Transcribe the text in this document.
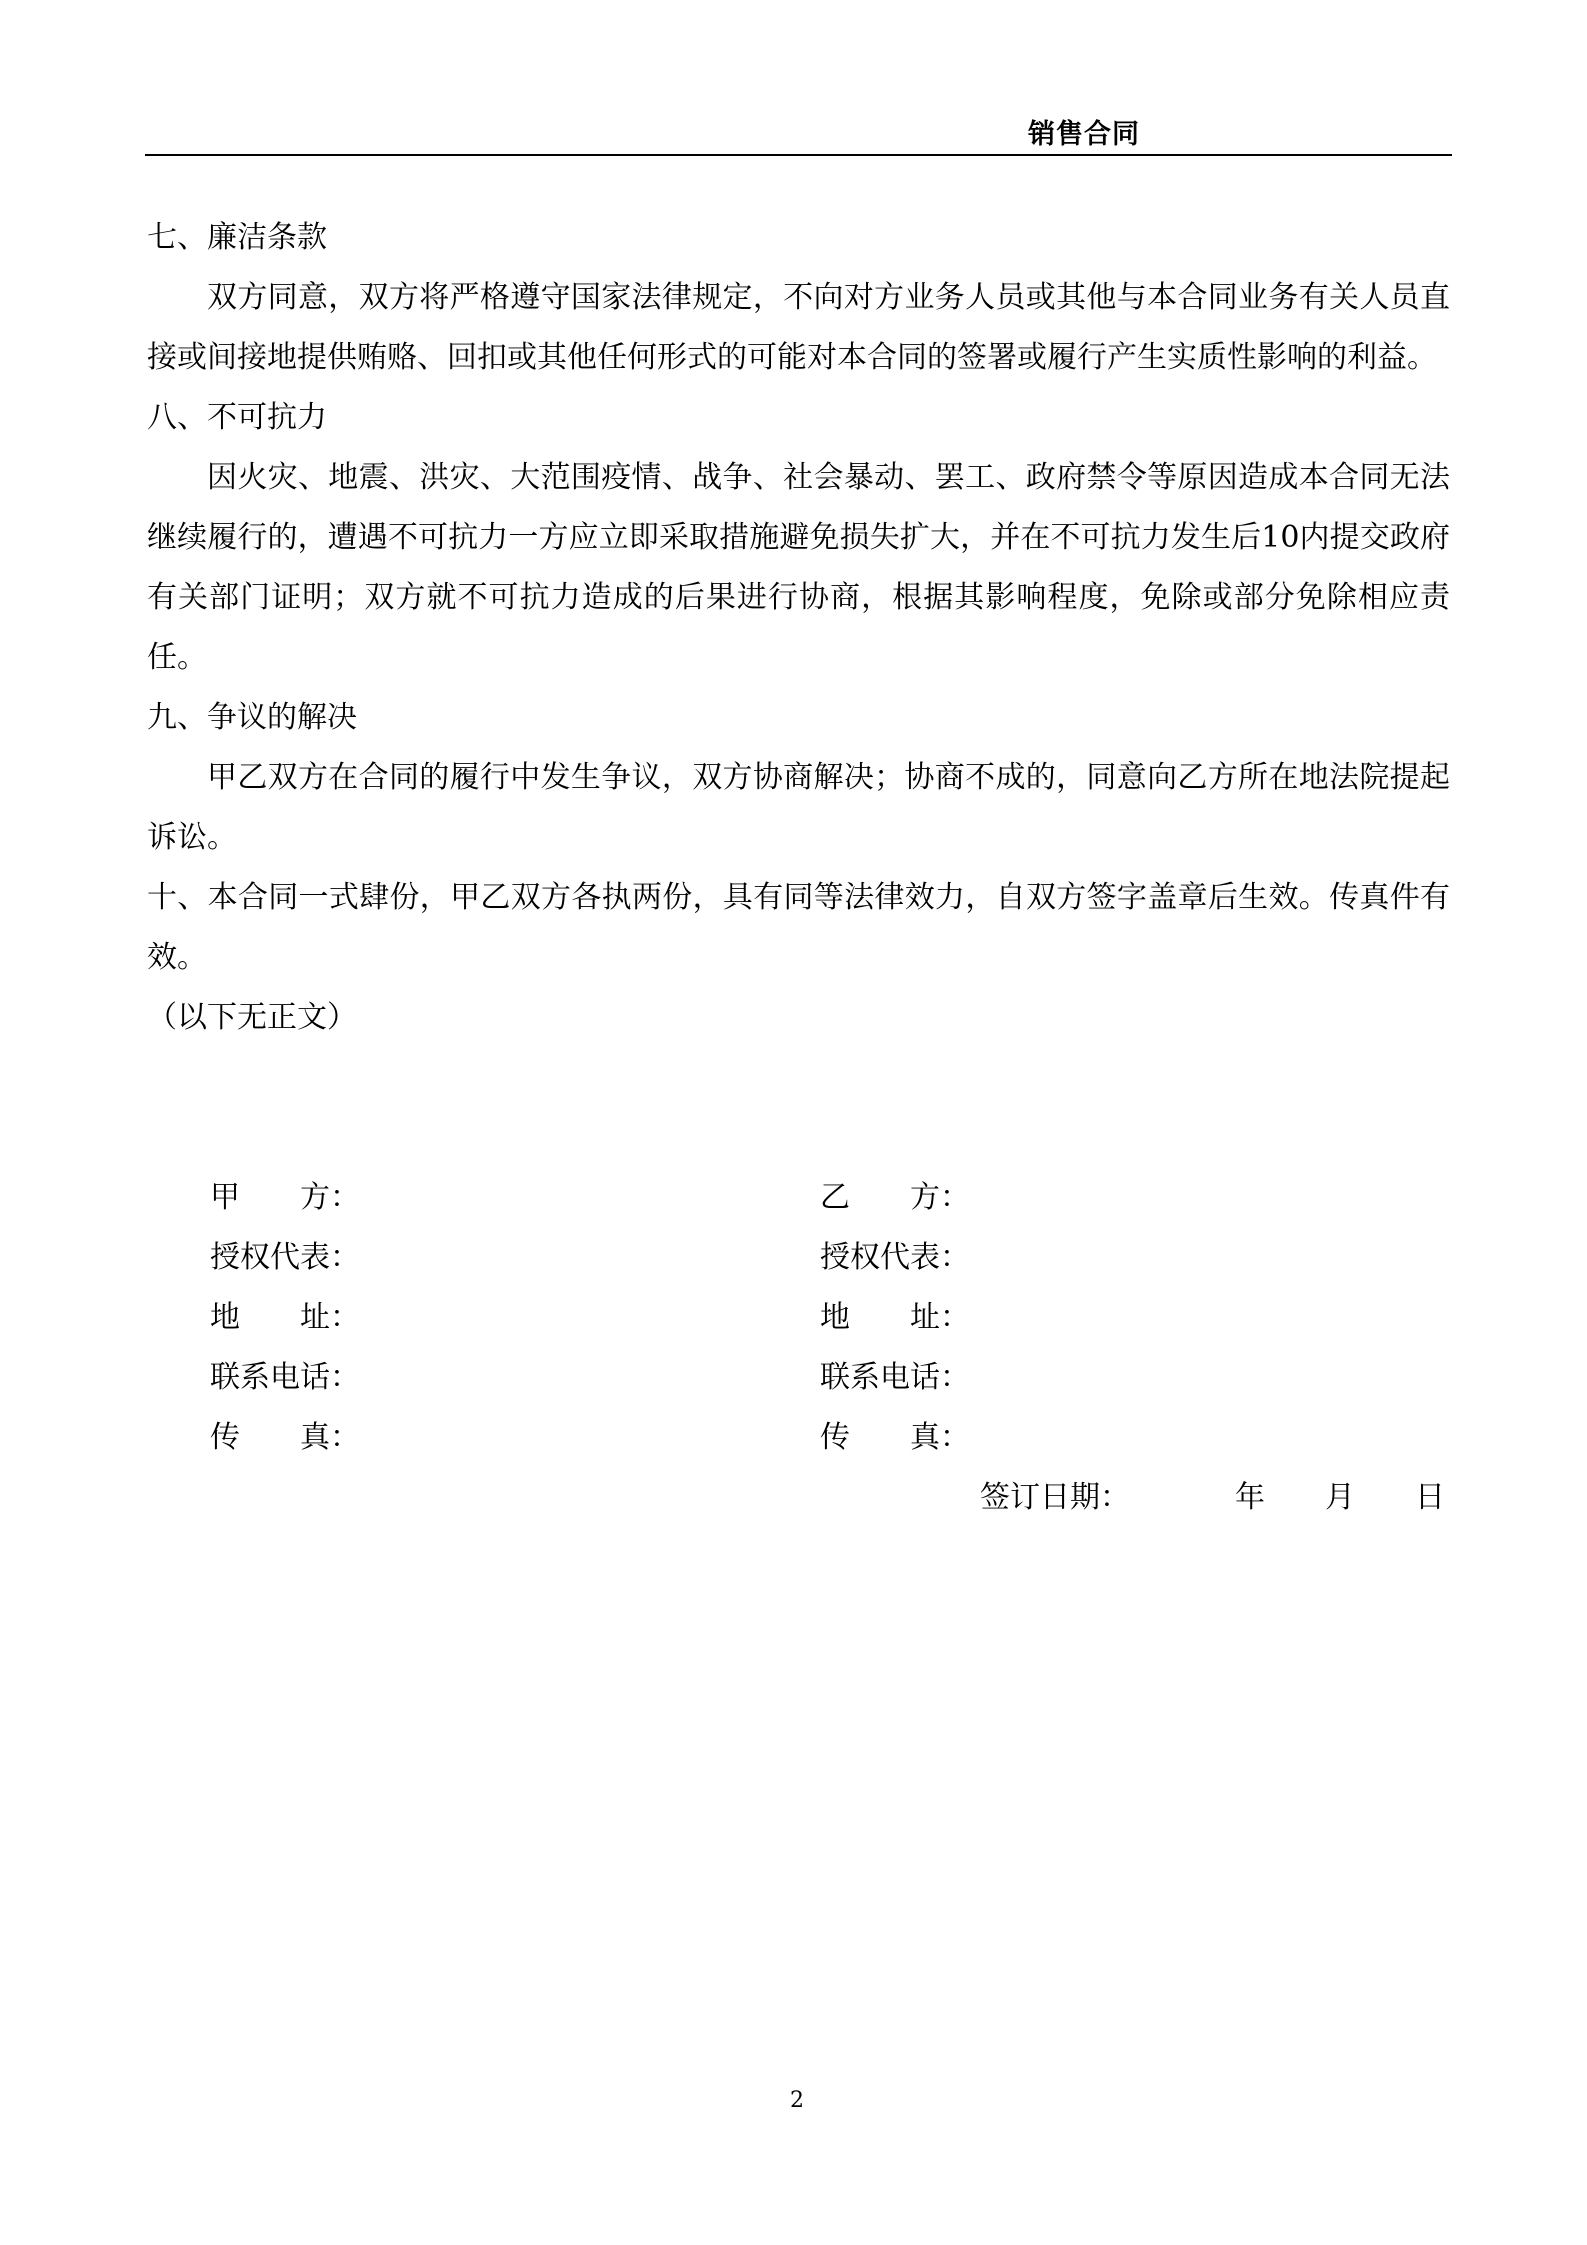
销售合同

七、廉洁条款

双方同意，双方将严格遵守国家法律规定，不向对方业务人员或其他与本合同业务有关人员直接或间接地提供贿赂、回扣或其他任何形式的可能对本合同的签署或履行产生实质性影响的利益。

八、不可抗力

因火灾、地震、洪灾、大范围疫情、战争、社会暴动、罢工、政府禁令等原因造成本合同无法继续履行的，遭遇不可抗力一方应立即采取措施避免损失扩大，并在不可抗力发生后10内提交政府有关部门证明；双方就不可抗力造成的后果进行协商，根据其影响程度，免除或部分免除相应责任。

九、争议的解决

甲乙双方在合同的履行中发生争议，双方协商解决；协商不成的，同意向乙方所在地法院提起诉讼。

十、本合同一式肆份，甲乙双方各执两份，具有同等法律效力，自双方签字盖章后生效。传真件有效。

（以下无正文）

甲　　方：
授权代表：
地　　址：
联系电话：
传　　真：
乙　　方：
授权代表：
地　　址：
联系电话：
传　　真：
签订日期：　　　　年　　月　　日
2
